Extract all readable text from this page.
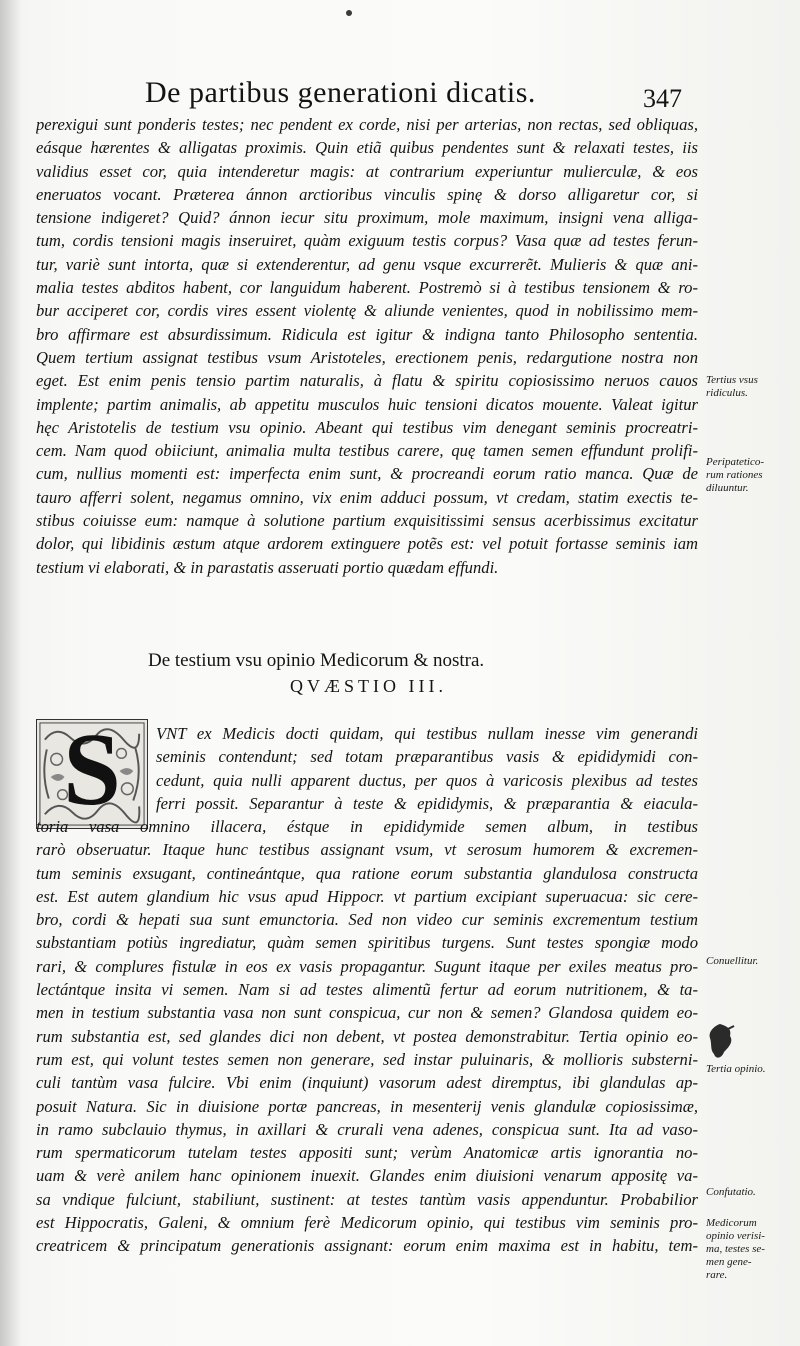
De partibus generationi dicatis.	347
perexigui sunt ponderis testes; nec pendent ex corde, nisi per arterias, non rectas, sed obliquas,
eásque hærentes & alligatas proximis. Quin etiã quibus pendentes sunt & relaxati testes, iis
validius esset cor, quia intenderetur magis: at contrarium experiuntur mulierculæ, & eos
eneruatos vocant. Præterea ánnon arctioribus vinculis spinę & dorso alligaretur cor, si
tensione indigeret? Quid? ánnon iecur situ proximum, mole maximum, insigni vena alliga-
tum, cordis tensioni magis inseruiret, quàm exiguum testis corpus? Vasa quæ ad testes ferun-
tur, variè sunt intorta, quæ si extenderentur, ad genu vsque excurrerẽt. Mulieris & quæ ani-
malia testes abditos habent, cor languidum haberent. Postremò si à testibus tensionem & ro-
bur acciperet cor, cordis vires essent violentę & aliunde venientes, quod in nobilissimo mem-
bro affirmare est absurdissimum. Ridicula est igitur & indigna tanto Philosopho sententia.
Quem tertium assignat testibus vsum Aristoteles, erectionem penis, redargutione nostra non
eget. Est enim penis tensio partim naturalis, à flatu & spiritu copiosissimo neruos cauos
implente; partim animalis, ab appetitu musculos huic tensioni dicatos mouente. Valeat igitur
hęc Aristotelis de testium vsu opinio. Abeant qui testibus vim denegant seminis procreatri-
cem. Nam quod obiiciunt, animalia multa testibus carere, quę tamen semen effundunt prolifi-
cum, nullius momenti est: imperfecta enim sunt, & procreandi eorum ratio manca. Quæ de
tauro afferri solent, negamus omnino, vix enim adduci possum, vt credam, statim exectis te-
stibus coiuisse eum: namque à solutione partium exquisitissimi sensus acerbissimus excitatur
dolor, qui libidinis æstum atque ardorem extinguere potẽs est: vel potuit fortasse seminis iam
testium vi elaborati, & in parastatis asseruati portio quædam effundi.
De testium vsu opinio Medicorum & nostra.
QVÆSTIO III.
S	VNT ex Medicis docti quidam, qui testibus nullam inesse vim generandi
seminis contendunt; sed totam præparantibus vasis & epididymidi con-
cedunt, quia nulli apparent ductus, per quos à varicosis plexibus ad testes
ferri possit. Separantur à teste & epididymis, & præparantia & eiacula-
toria vasa omnino illacera, éstque in epididymide semen album, in testibus
rarò obseruatur. Itaque hunc testibus assignant vsum, vt serosum humorem & excremen-
tum seminis exsugant, contineántque, qua ratione eorum substantia glandulosa constructa
est. Est autem glandium hic vsus apud Hippocr. vt partium excipiant superuacua: sic cere-
bro, cordi & hepati sua sunt emunctoria. Sed non video cur seminis excrementum testium
substantiam potiùs ingrediatur, quàm semen spiritibus turgens. Sunt testes spongiæ modo
rari, & complures fistulæ in eos ex vasis propagantur. Sugunt itaque per exiles meatus pro-
lectántque insita vi semen. Nam si ad testes alimentũ fertur ad eorum nutritionem, & ta-
men in testium substantia vasa non sunt conspicua, cur non & semen? Glandosa quidem eo-
rum substantia est, sed glandes dici non debent, vt postea demonstrabitur. Tertia opinio eo-
rum est, qui volunt testes semen non generare, sed instar puluinaris, & mollioris substerni-
culi tantùm vasa fulcire. Vbi enim (inquiunt) vasorum adest diremptus, ibi glandulas ap-
posuit Natura. Sic in diuisione portæ pancreas, in mesenterij venis glandulæ copiosissimæ,
in ramo subclauio thymus, in axillari & crurali vena adenes, conspicua sunt. Ita ad vaso-
rum spermaticorum tutelam testes appositi sunt; verùm Anatomicæ artis ignorantia no-
uam & verè anilem hanc opinionem inuexit. Glandes enim diuisioni venarum appositę va-
sa vndique fulciunt, stabiliunt, sustinent: at testes tantùm vasis appenduntur. Probabilior
est Hippocratis, Galeni, & omnium ferè Medicorum opinio, qui testibus vim seminis pro-
creatricem & principatum generationis assignant: eorum enim maxima est in habitu, tem-
Tertius vsus
ridiculus.
Peripatetico-
rum rationes
diluuntur.
Conuellitur.
Tertia opinio.
Confutatio.
Medicorum
opinio verisi-
ma, testes se-
men gene-
rare.
